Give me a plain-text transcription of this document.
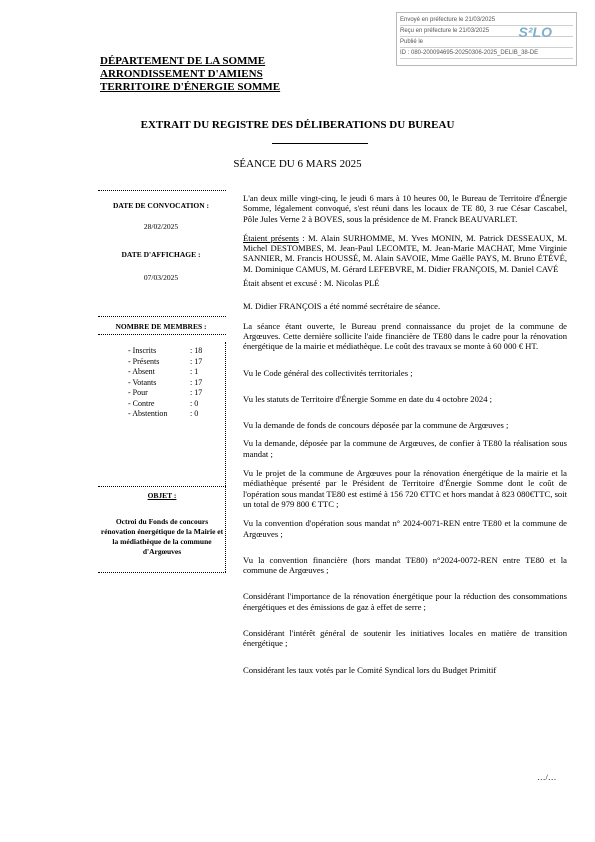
Envoyé en préfecture le 21/03/2025
Reçu en préfecture le 21/03/2025
Publié le
ID : 080-200094695-20250306-2025_DELIB_38-DE
S²LO
DÉPARTEMENT DE LA SOMME
ARRONDISSEMENT D'AMIENS
TERRITOIRE D'ÉNERGIE SOMME
EXTRAIT DU REGISTRE DES DÉLIBERATIONS DU BUREAU
SÉANCE DU 6 MARS 2025
DATE DE CONVOCATION :
28/02/2025
DATE D'AFFICHAGE :
07/03/2025
NOMBRE DE MEMBRES :
- Inscrits	: 18
- Présents	: 17
- Absent	: 1
- Votants	: 17
- Pour	: 17
- Contre	: 0
- Abstention	: 0
OBJET :
Octroi du Fonds de concours rénovation énergétique de la Mairie et la médiathèque de la commune d'Argœuves

L'an deux mille vingt-cinq, le jeudi 6 mars à 10 heures 00, le Bureau de Territoire d'Énergie Somme, légalement convoqué, s'est réuni dans les locaux de TE 80, 3 rue César Cascabel, Pôle Jules Verne 2 à BOVES, sous la présidence de M. Franck BEAUVARLET.

Étaient présents : M. Alain SURHOMME, M. Yves MONIN, M. Patrick DESSEAUX, M. Michel DESTOMBES, M. Jean-Paul LECOMTE, M. Jean-Marie MACHAT, Mme Virginie SANNIER, M. Francis HOUSSÉ, M. Alain SAVOIE, Mme Gaëlle PAYS, M. Bruno ÉTÉVÉ, M. Dominique CAMUS, M. Gérard LEFEBVRE, M. Didier FRANÇOIS, M. Daniel CAVÉ

Était absent et excusé : M. Nicolas PLÉ

M. Didier FRANÇOIS a été nommé secrétaire de séance.

La séance étant ouverte, le Bureau prend connaissance du projet de la commune de Argœuves. Cette dernière sollicite l'aide financière de TE80 dans le cadre pour la rénovation énergétique de la mairie et médiathèque. Le coût des travaux se monte à 60 000 € HT.

Vu le Code général des collectivités territoriales ;

Vu les statuts de Territoire d'Énergie Somme en date du 4 octobre 2024 ;

Vu la demande de fonds de concours déposée par la commune de Argœuves ;

Vu la demande, déposée par la commune de Argœuves, de confier à TE80 la réalisation sous mandat ;

Vu le projet de la commune de Argœuves pour la rénovation énergétique de la mairie et la médiathèque présenté par le Président de Territoire d'Énergie Somme dont le coût de l'opération sous mandat TE80 est estimé à 156 720 €TTC et hors mandat à 823 080€TTC, soit un total de 979 800 € TTC ;

Vu la convention d'opération sous mandat n° 2024-0071-REN entre TE80 et la commune de Argœuves ;

Vu la convention financière (hors mandat TE80) n°2024-0072-REN entre TE80 et la commune de Argœuves ;

Considérant l'importance de la rénovation énergétique pour la réduction des consommations énergétiques et des émissions de gaz à effet de serre ;

Considérant l'intérêt général de soutenir les initiatives locales en matière de transition énergétique ;

Considérant les taux votés par le Comité Syndical lors du Budget Primitif

…/…
